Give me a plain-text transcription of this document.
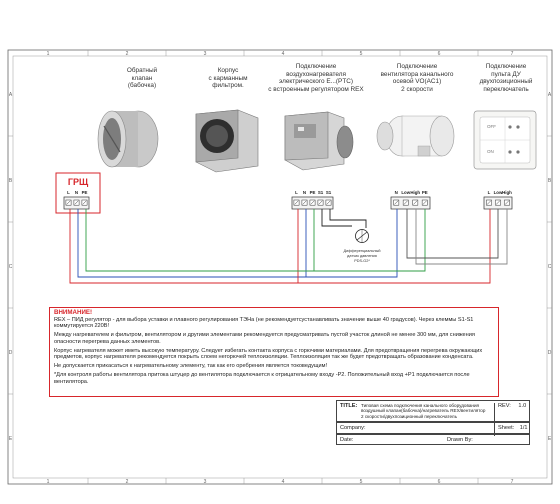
1	2	3	4	5	6	7
1	2	3	4	5	6	7
A
B
C
D
E
A
B
C
D
E
OFF
ON
ГРЩ
L N PE	L N PE S1 S1	N Low High PE	L Low High
Дифференциальный
датчик давления
PDS-G2*
Обратный
клапан
(бабочка)
Корпус
с карманным
фильтром.
Подключение
воздухонагревателя
электрического E...(PTC)
с встроенным регулятором REX
Подключение
вентилятора канального
осевой VO(AC1)
2 скорости
Подключение
пульта ДУ
двухпозиционный
переключатель
ВНИМАНИЕ!

REX – ПИД регулятор - для выбора уставки и плавного регулирования ТЭНа (не рекомендуетсустанавливать значение выше 40 градусов). Через клеммы S1-S1 коммутируется 220В!

Между нагревателем и фильтром, вентилятором и другими элементами рекомендуется предусматривать пустой участок длиной не менее 300 мм, для снижения опасности перегрева данных элементов.

Корпус нагревателя может иметь высокую температуру. Следует избегать контакта корпуса с горючими материалами. Для предотвращения перегрева окружающих предметов, корпус нагревателя рекомендуется покрыть слоем негорючей теплоизоляции. Теплоизоляция так же будет предотвращать образование конденсата.

Не допускается прикасаться к нагревательному элементу, так как его оребрения является токоведущим!

*Для контроля работы вентилятора притока штуцер до вентилятора подключается к отрицательному входу -P2. Положительный вход +P1 подключается после вентилятора.

TITLE: Типовая схема подключения канального оборудования воздушный клапан(бабочка)/нагреватель REX/вентилятор 2 скорости/двухпозиционный переключатель
REV: 1.0
Company:	Sheet: 1/1
Date:	Drawn By:
